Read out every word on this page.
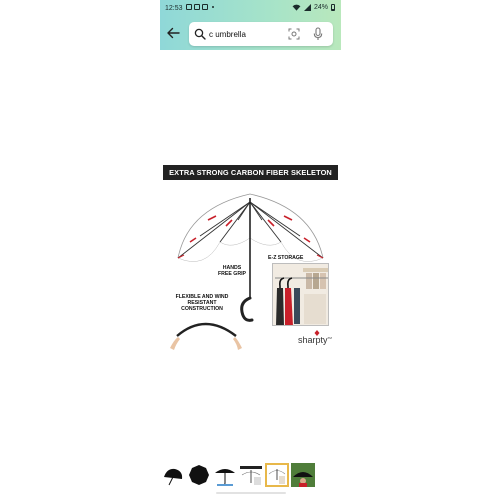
12:53	24%
c umbrella
EXTRA STRONG CARBON FIBER SKELETON
HANDS FREE GRIP
FLEXIBLE AND WIND RESISTANT CONSTRUCTION
E-Z STORAGE
sharpty™
